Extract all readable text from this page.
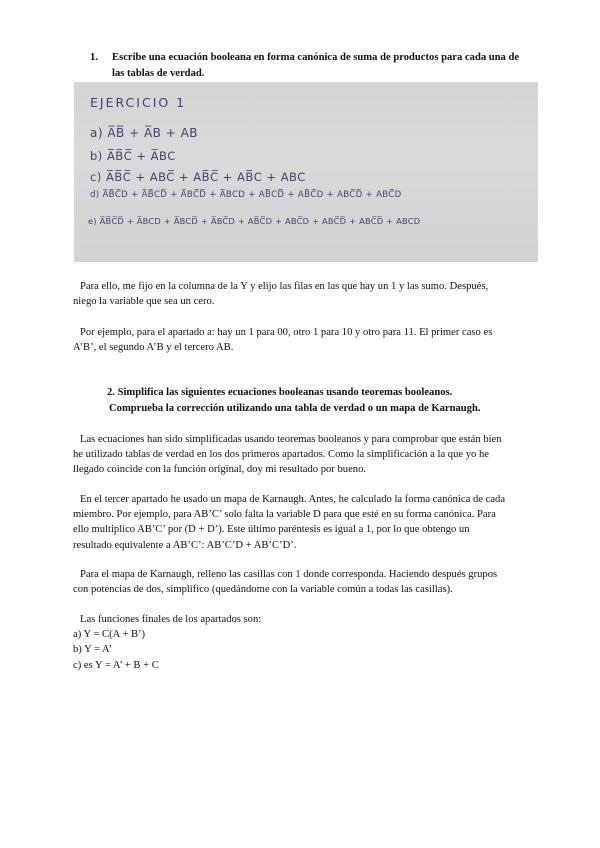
1. Escribe una ecuación booleana en forma canónica de suma de productos para cada una de las tablas de verdad.
EJERCICIO 1
a) A̅B̅ + A̅B + AB
b) A̅B̅C̅ + A̅BC
c) A̅B̅C̅ + ABC̅ + AB̅C̅ + AB̅C + ABC
d) A̅B̅C̅D + A̅B̅CD̅ + A̅BC̅D̅ + A̅BCD + AB̅CD̅ + AB̅C̅D + ABC̅D̅ + ABC̅D
e) A̅B̅C̅D̅ + A̅BCD + A̅BCD̅ + A̅BC̅D + AB̅C̅D + ABC̅D + ABC̅D̅ + ABC̅D̅ + ABCD
Para ello, me fijo en la columna de la Y y elijo las filas en las que hay un 1 y las sumo. Después,
niego la variable que sea un cero.
Por ejemplo, para el apartado a: hay un 1 para 00, otro 1 para 10 y otro para 11. El primer caso es
A’B’, el segundo A’B y el tercero AB.
2. Simplifica las siguientes ecuaciones booleanas usando teoremas booleanos.
Comprueba la corrección utilizando una tabla de verdad o un mapa de Karnaugh.
Las ecuaciones han sido simplificadas usando teoremas booleanos y para comprobar que están bien
he utilizado tablas de verdad en los dos primeros apartados. Como la simplificación a la que yo he
llegado coincide con la función original, doy mi resultado por bueno.
En el tercer apartado he usado un mapa de Karnaugh. Antes, he calculado la forma canónica de cada
miembro. Por ejemplo, para AB’C’ solo falta la variable D para que esté en su forma canónica. Para
ello multiplico AB’C’ por (D + D’). Este último paréntesis es igual a 1, por lo que obtengo un
resultado equivalente a AB’C’: AB’C’D + AB’C’D’.
Para el mapa de Karnaugh, relleno las casillas con 1 donde corresponda. Haciendo después grupos
con potencias de dos, simplifico (quedándome con la variable común a todas las casillas).
Las funciones finales de los apartados son:
a) Y = C(A + B’)
b) Y = A’
c) es Y = A’ + B + C
